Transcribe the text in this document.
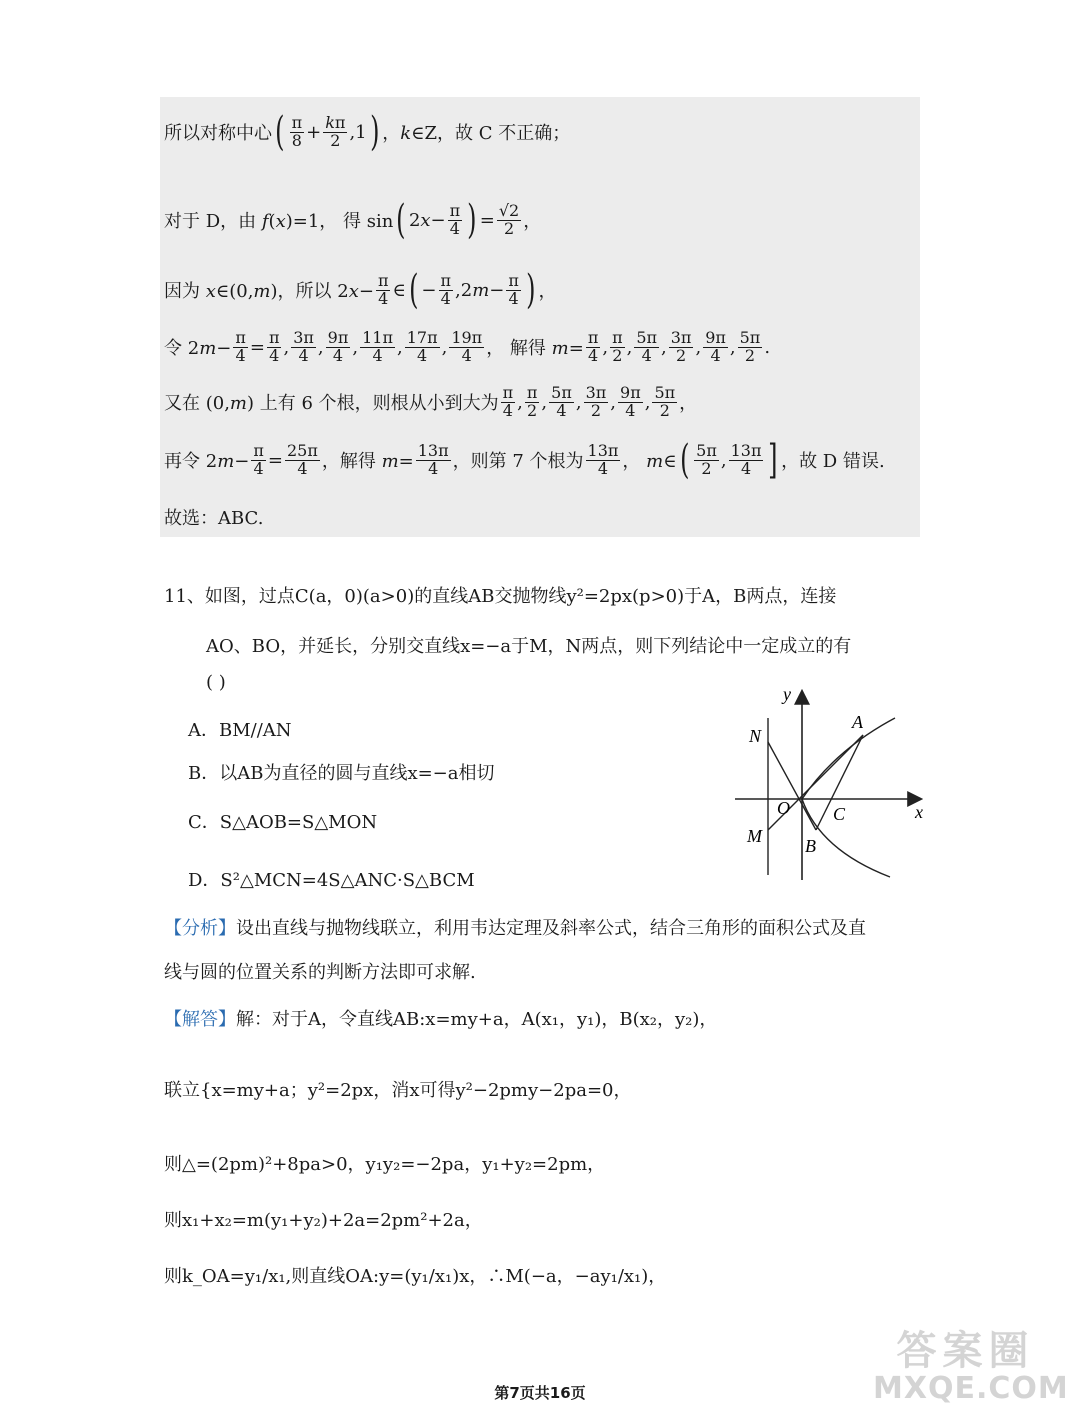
所以对称中心 ( $\frac{\pi}{8} + \frac{k\pi}{2} ,1$ ) ，k∈Z，故 C 不正确；
对于 D，由 f(x)=1， 得 sin ( $2x- \frac{\pi}{4}$ ) = $\frac{√2}{2}$ ，
因为 x∈(0,m)，所以 $2x- \frac{\pi}{4}$ ∈ ( − $\frac{\pi}{4} ,2m- \frac{\pi}{4}$ ) ，
令 $2m- \frac{\pi}{4} = \frac{\pi}{4}$ , $\frac{3\pi}{4}$ , $\frac{9\pi}{4}$ , $\frac{11\pi}{4}$ , $\frac{17\pi}{4}$ , $\frac{19\pi}{4}$ ， 解得 $m= \frac{\pi}{4}$ , $\frac{\pi}{2}$ , $\frac{5\pi}{4}$ , $\frac{3\pi}{2}$ , $\frac{9\pi}{4}$ , $\frac{5\pi}{2}$ .
又在 (0,m) 上有 6 个根，则根从小到大为 $\frac{\pi}{4}$ , $\frac{\pi}{2}$ , $\frac{5\pi}{4}$ , $\frac{3\pi}{2}$ , $\frac{9\pi}{4}$ , $\frac{5\pi}{2}$ ，
再令 $2m- \frac{\pi}{4} = \frac{25\pi}{4}$ ，解得 $m= \frac{13\pi}{4}$ ，则第 7 个根为 $\frac{13\pi}{4}$ ， m∈ ( $\frac{5\pi}{2}$ , $\frac{13\pi}{4}$ ] ，故 D 错误.
故选：ABC.
11、如图，过点C(a，0)(a>0)的直线AB交抛物线y²=2px(p>0)于A，B两点，连接
AO、BO，并延长，分别交直线x=−a于M，N两点，则下列结论中一定成立的有
( )
A．BM//AN
B．以AB为直径的圆与直线x=−a相切
C．S△AOB=S△MON
D．S²△MCN=4S△ANC·S△BCM
y
x
A
N
O C
M B
【分析】设出直线与抛物线联立，利用韦达定理及斜率公式，结合三角形的面积公式及直
线与圆的位置关系的判断方法即可求解.
【解答】解：对于A，令直线AB:x=my+a，A(x₁，y₁)，B(x₂，y₂)，
联立{x=my+a；y²=2px，消x可得y²−2pmy−2pa=0，
则△=(2pm)²+8pa>0，y₁y₂=−2pa，y₁+y₂=2pm，
则x₁+x₂=m(y₁+y₂)+2a=2pm²+2a，
则k_OA=y₁/x₁,则直线OA:y=(y₁/x₁)x，∴M(−a，−ay₁/x₁)，
第7页共16页
答案圈
MXQE.COM
